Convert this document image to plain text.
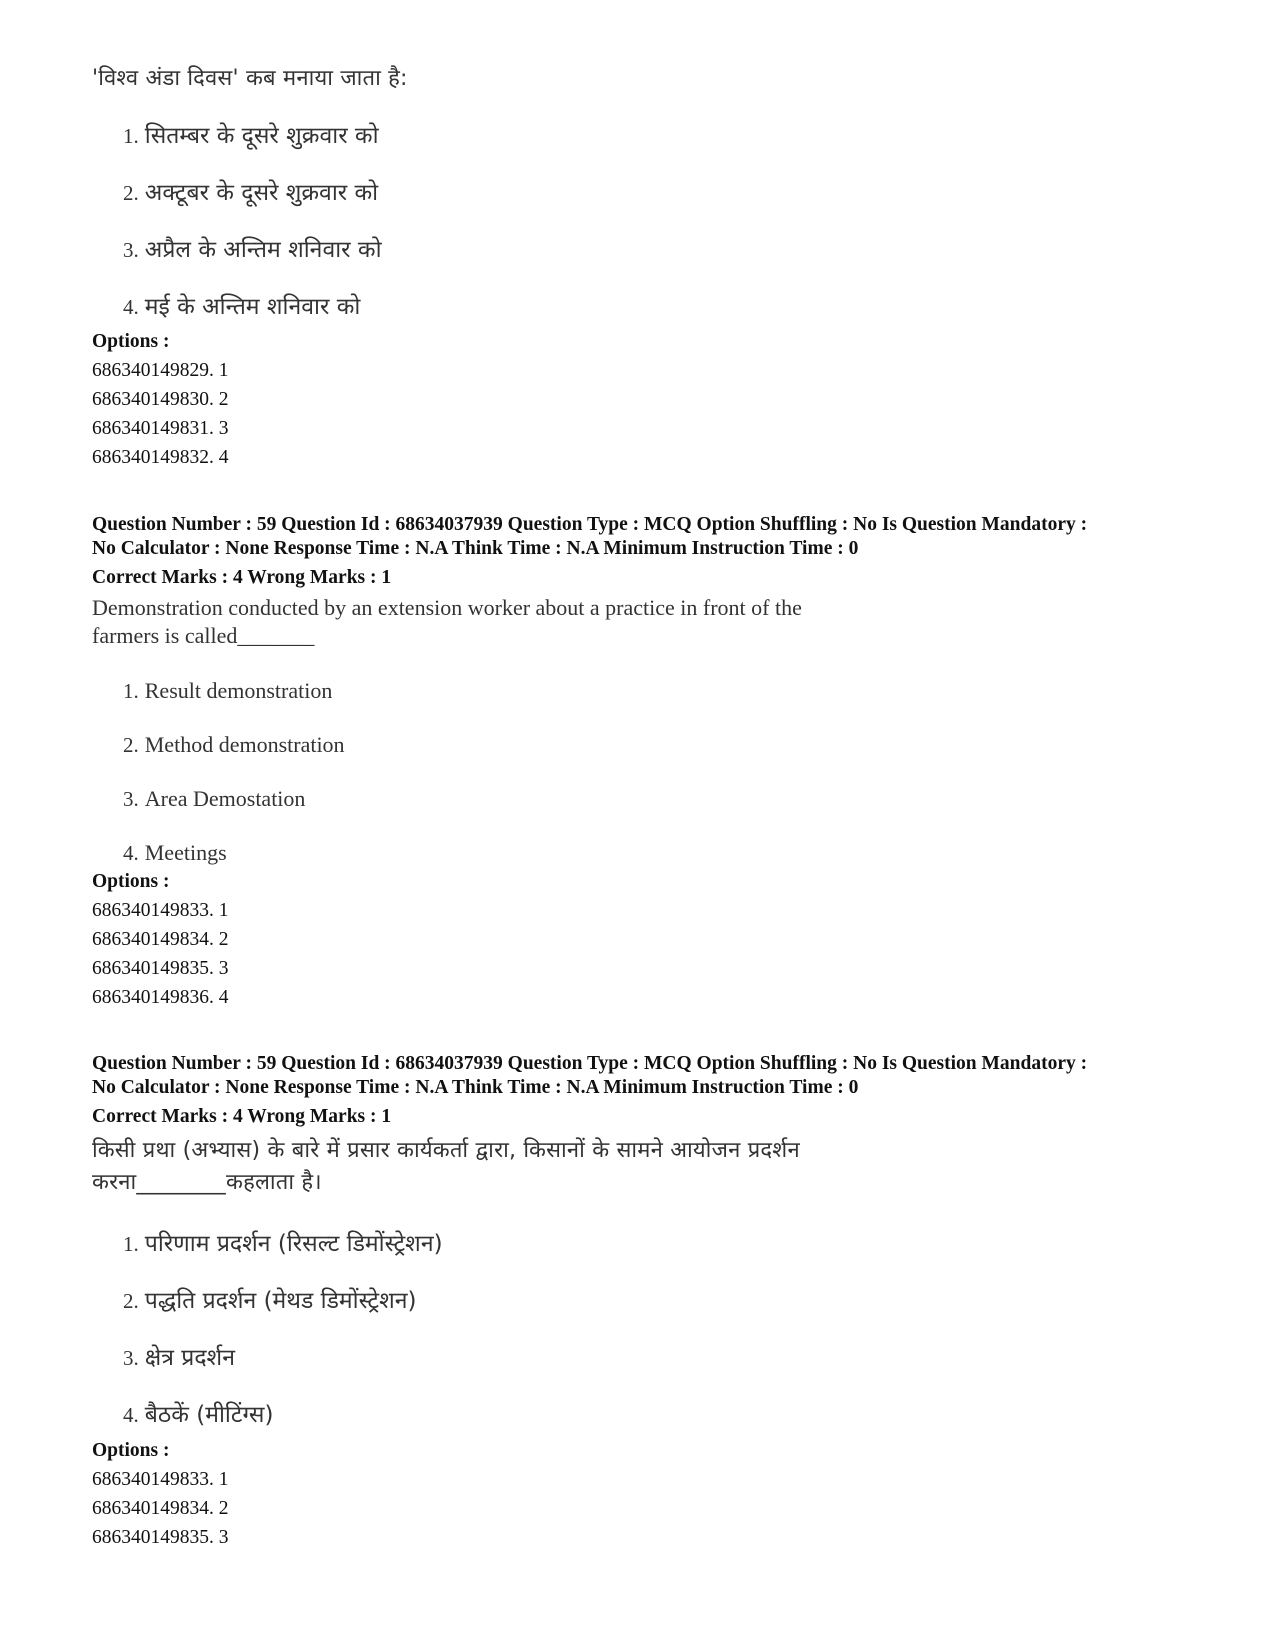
'विश्व अंडा दिवस' कब मनाया जाता है:
1. सितम्बर के दूसरे शुक्रवार को
2. अक्टूबर के दूसरे शुक्रवार को
3. अप्रैल के अन्तिम शनिवार को
4. मई के अन्तिम शनिवार को
Options :
686340149829. 1
686340149830. 2
686340149831. 3
686340149832. 4
Question Number : 59 Question Id : 68634037939 Question Type : MCQ Option Shuffling : No Is Question Mandatory :
No Calculator : None Response Time : N.A Think Time : N.A Minimum Instruction Time : 0
Correct Marks : 4 Wrong Marks : 1
Demonstration conducted by an extension worker about a practice in front of the
farmers is called_______
1. Result demonstration
2. Method demonstration
3. Area Demostation
4. Meetings
Options :
686340149833. 1
686340149834. 2
686340149835. 3
686340149836. 4
Question Number : 59 Question Id : 68634037939 Question Type : MCQ Option Shuffling : No Is Question Mandatory :
No Calculator : None Response Time : N.A Think Time : N.A Minimum Instruction Time : 0
Correct Marks : 4 Wrong Marks : 1
किसी प्रथा (अभ्यास) के बारे में प्रसार कार्यकर्ता द्वारा, किसानों के सामने आयोजन प्रदर्शन
करना________कहलाता है।
1. परिणाम प्रदर्शन (रिसल्ट डिमोंस्ट्रेशन)
2. पद्धति प्रदर्शन (मेथड डिमोंस्ट्रेशन)
3. क्षेत्र प्रदर्शन
4. बैठकें (मीटिंग्स)
Options :
686340149833. 1
686340149834. 2
686340149835. 3
